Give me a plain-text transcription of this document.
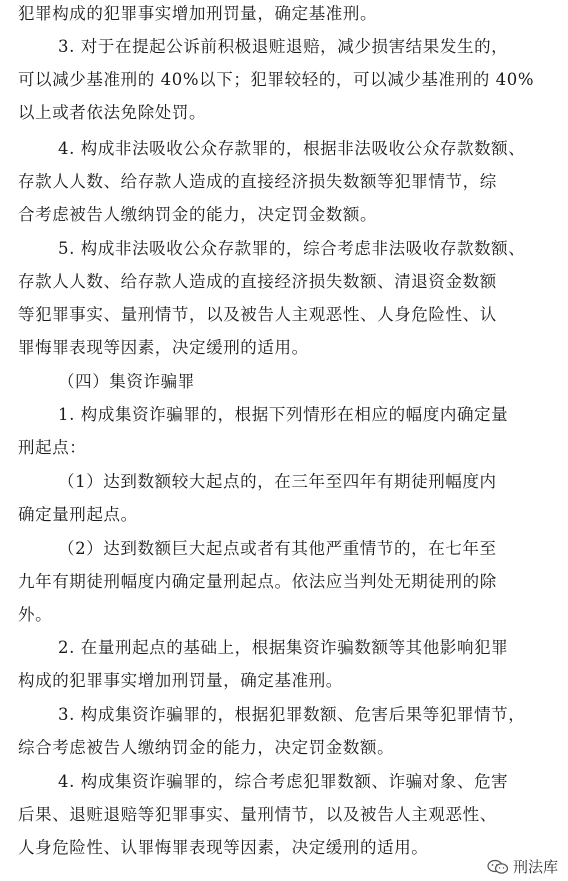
犯罪构成的犯罪事实增加刑罚量，确定基准刑。
3. 对于在提起公诉前积极退赃退赔，减少损害结果发生的，
可以减少基准刑的 40%以下；犯罪较轻的，可以减少基准刑的 40%
以上或者依法免除处罚。
4. 构成非法吸收公众存款罪的，根据非法吸收公众存款数额、
存款人人数、给存款人造成的直接经济损失数额等犯罪情节，综
合考虑被告人缴纳罚金的能力，决定罚金数额。
5. 构成非法吸收公众存款罪的，综合考虑非法吸收存款数额、
存款人人数、给存款人造成的直接经济损失数额、清退资金数额
等犯罪事实、量刑情节，以及被告人主观恶性、人身危险性、认
罪悔罪表现等因素，决定缓刑的适用。
（四）集资诈骗罪
1. 构成集资诈骗罪的，根据下列情形在相应的幅度内确定量
刑起点：
（1）达到数额较大起点的，在三年至四年有期徒刑幅度内
确定量刑起点。
（2）达到数额巨大起点或者有其他严重情节的，在七年至
九年有期徒刑幅度内确定量刑起点。依法应当判处无期徒刑的除
外。
2. 在量刑起点的基础上，根据集资诈骗数额等其他影响犯罪
构成的犯罪事实增加刑罚量，确定基准刑。
3. 构成集资诈骗罪的，根据犯罪数额、危害后果等犯罪情节，
综合考虑被告人缴纳罚金的能力，决定罚金数额。
4. 构成集资诈骗罪的，综合考虑犯罪数额、诈骗对象、危害
后果、退赃退赔等犯罪事实、量刑情节，以及被告人主观恶性、
人身危险性、认罪悔罪表现等因素，决定缓刑的适用。
刑法库
